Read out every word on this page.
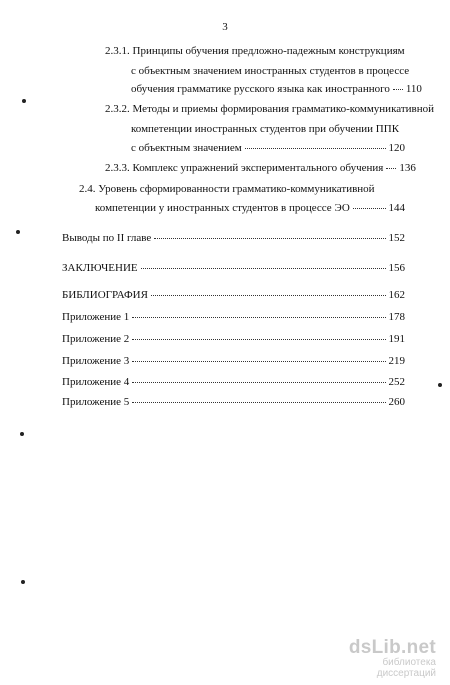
3
2.3.1. Принципы обучения предложно-падежным конструкциям
с объектным значением иностранных студентов в процессе
обучения грамматике русского языка как иностранного 110
2.3.2. Методы и приемы формирования грамматико-коммуникативной
компетенции иностранных студентов при обучении ППК
с объектным значением	120
2.3.3. Комплекс упражнений экспериментального обучения 136
2.4. Уровень сформированности грамматико-коммуникативной
компетенции у иностранных студентов в процессе ЭО	144
Выводы по II главе	152
ЗАКЛЮЧЕНИЕ	156
БИБЛИОГРАФИЯ	162
Приложение 1	178
Приложение 2	191
Приложение 3	219
Приложение 4	252
Приложение 5	260
dsLib.net
библиотека диссертаций
